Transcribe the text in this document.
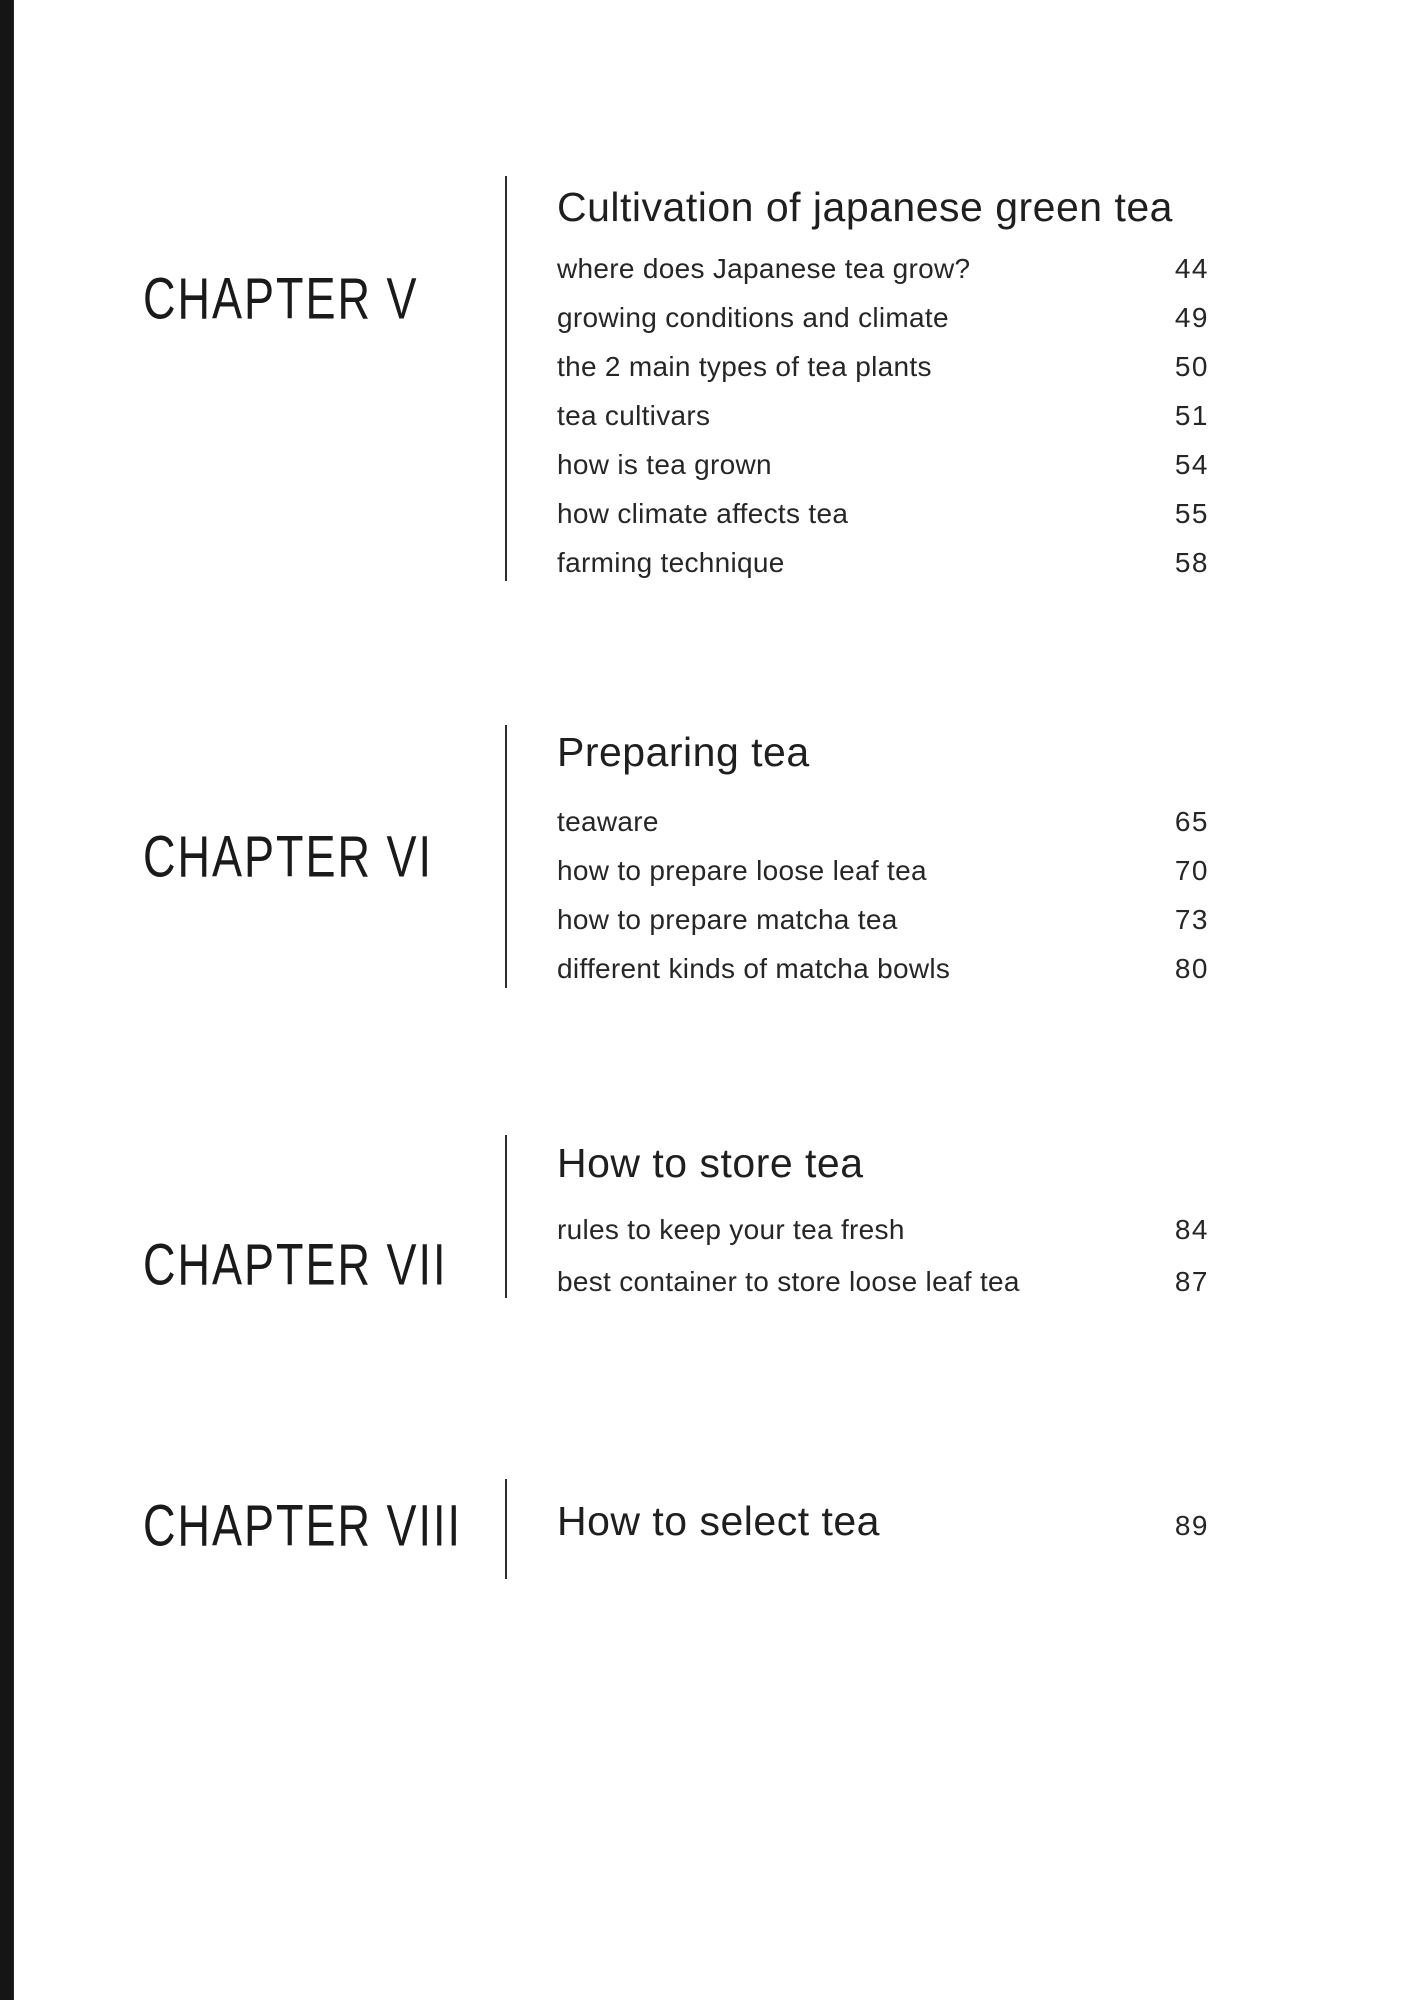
CHAPTER V
Cultivation of japanese green tea
where does Japanese tea grow?	44
growing conditions and climate	49
the 2 main types of tea plants	50
tea cultivars	51
how is tea grown	54
how climate affects tea	55
farming technique	58
CHAPTER VI
Preparing tea
teaware	65
how to prepare loose leaf tea	70
how to prepare matcha tea	73
different kinds of matcha bowls	80
CHAPTER VII
How to store tea
rules to keep your tea fresh	84
best container to store loose leaf tea	87
CHAPTER VIII How to select tea	89
